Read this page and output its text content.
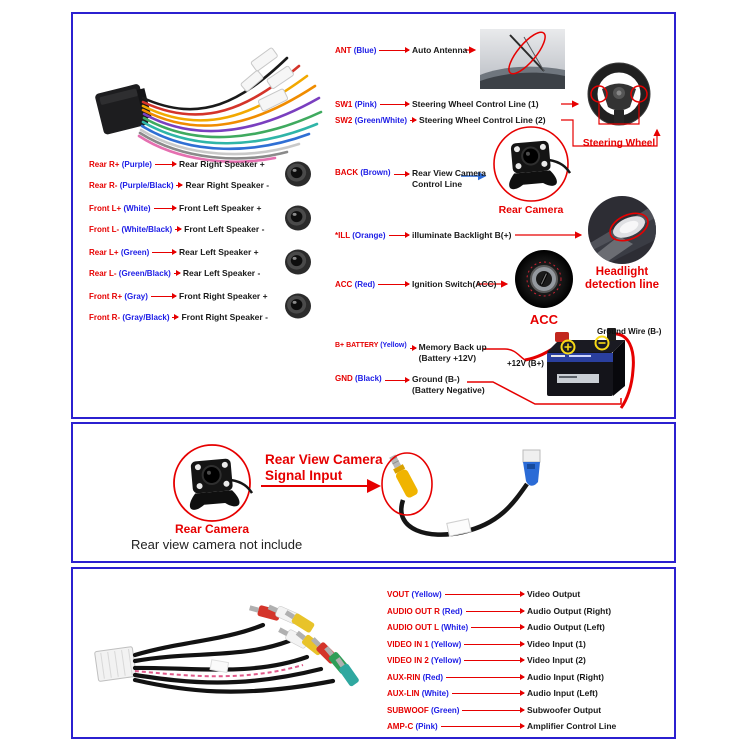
Rear R+ (Purple)	Rear Right Speaker +
Rear R- (Purple/Black) Rear Right Speaker -
Front L+ (White)	Front Left Speaker +
Front L- (White/Black) Front Left Speaker -
Rear L+ (Green)	Rear Left Speaker +
Rear L- (Green/Black) Rear Left Speaker -
Front R+ (Gray)	Front Right Speaker +
Front R- (Gray/Black) Front Right Speaker -
ANT (Blue)	Auto Antenna
SW1 (Pink)	Steering Wheel Control Line (1)
SW2 (Green/White) Steering Wheel Control Line (2)
BACK (Brown)	Rear View Camera
Control Line
*ILL (Orange)	illuminate Backlight B(+)
ACC (Red)	Ignition Switch(ACC)
B+ BATTERY (Yellow) Memory Back up
(Battery +12V)
GND (Black)	Ground (B-)
(Battery Negative)
Steering Wheel
Rear Camera
Headlight
detection line
ACC
Ground Wire (B-)
+12V (B+)
Rear Camera
Rear view camera not include
Rear View Camera
Signal Input
VOUT (Yellow)	Video Output
AUDIO OUT R (Red)	Audio Output (Right)
AUDIO OUT L (White)	Audio Output (Left)
VIDEO IN 1 (Yellow)	Video Input (1)
VIDEO IN 2 (Yellow)	Video Input (2)
AUX-RIN (Red)	Audio Input (Right)
AUX-LIN (White)	Audio Input (Left)
SUBWOOF (Green)	Subwoofer Output
AMP-C (Pink)	Amplifier Control Line
